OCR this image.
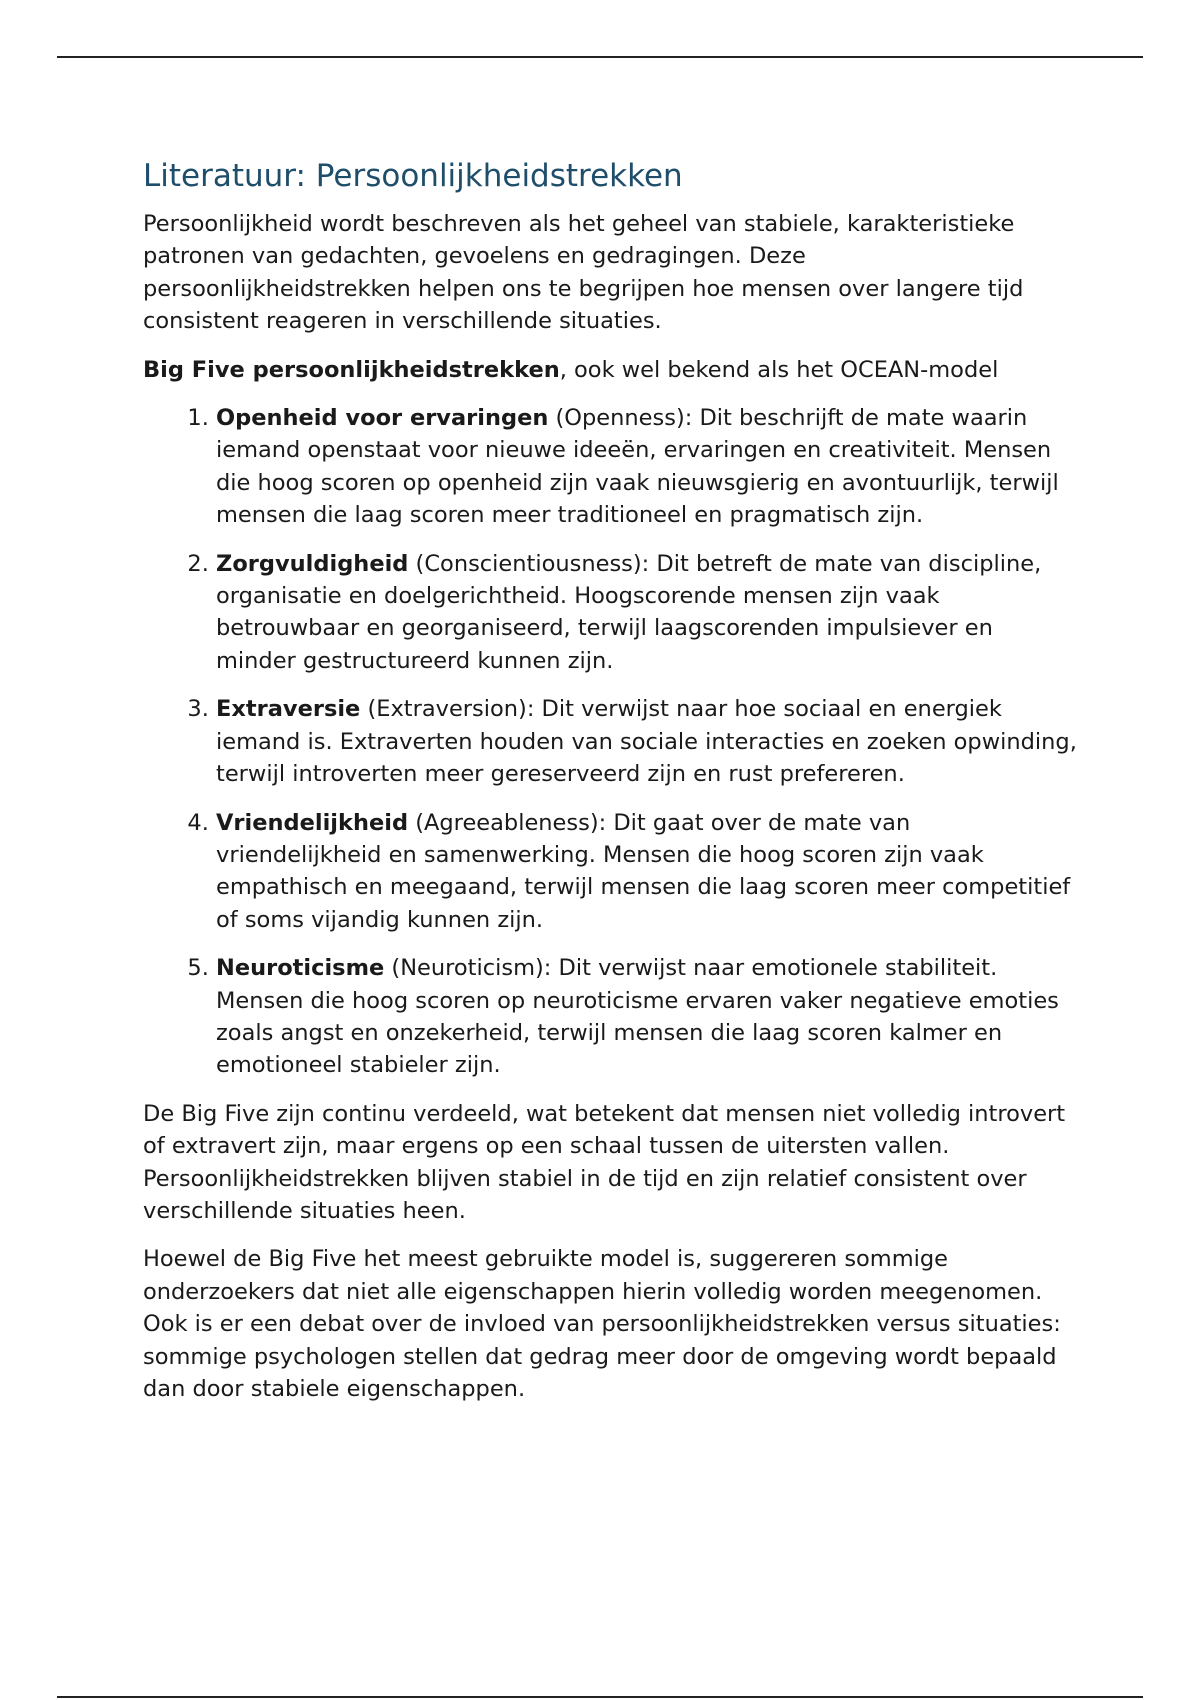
Literatuur: Persoonlijkheidstrekken

Persoonlijkheid wordt beschreven als het geheel van stabiele, karakteristieke patronen van gedachten, gevoelens en gedragingen. Deze persoonlijkheidstrekken helpen ons te begrijpen hoe mensen over langere tijd consistent reageren in verschillende situaties.

Big Five persoonlijkheidstrekken, ook wel bekend als het OCEAN-model

1. Openheid voor ervaringen (Openness): Dit beschrijft de mate waarin iemand openstaat voor nieuwe ideeën, ervaringen en creativiteit. Mensen die hoog scoren op openheid zijn vaak nieuwsgierig en avontuurlijk, terwijl mensen die laag scoren meer traditioneel en pragmatisch zijn.
2. Zorgvuldigheid (Conscientiousness): Dit betreft de mate van discipline, organisatie en doelgerichtheid. Hoogscorende mensen zijn vaak betrouwbaar en georganiseerd, terwijl laagscorenden impulsiever en minder gestructureerd kunnen zijn.
3. Extraversie (Extraversion): Dit verwijst naar hoe sociaal en energiek iemand is. Extraverten houden van sociale interacties en zoeken opwinding, terwijl introverten meer gereserveerd zijn en rust prefereren.
4. Vriendelijkheid (Agreeableness): Dit gaat over de mate van vriendelijkheid en samenwerking. Mensen die hoog scoren zijn vaak empathisch en meegaand, terwijl mensen die laag scoren meer competitief of soms vijandig kunnen zijn.
5. Neuroticisme (Neuroticism): Dit verwijst naar emotionele stabiliteit. Mensen die hoog scoren op neuroticisme ervaren vaker negatieve emoties zoals angst en onzekerheid, terwijl mensen die laag scoren kalmer en emotioneel stabieler zijn.

De Big Five zijn continu verdeeld, wat betekent dat mensen niet volledig introvert of extravert zijn, maar ergens op een schaal tussen de uitersten vallen. Persoonlijkheidstrekken blijven stabiel in de tijd en zijn relatief consistent over verschillende situaties heen.

Hoewel de Big Five het meest gebruikte model is, suggereren sommige onderzoekers dat niet alle eigenschappen hierin volledig worden meegenomen. Ook is er een debat over de invloed van persoonlijkheidstrekken versus situaties: sommige psychologen stellen dat gedrag meer door de omgeving wordt bepaald dan door stabiele eigenschappen.
